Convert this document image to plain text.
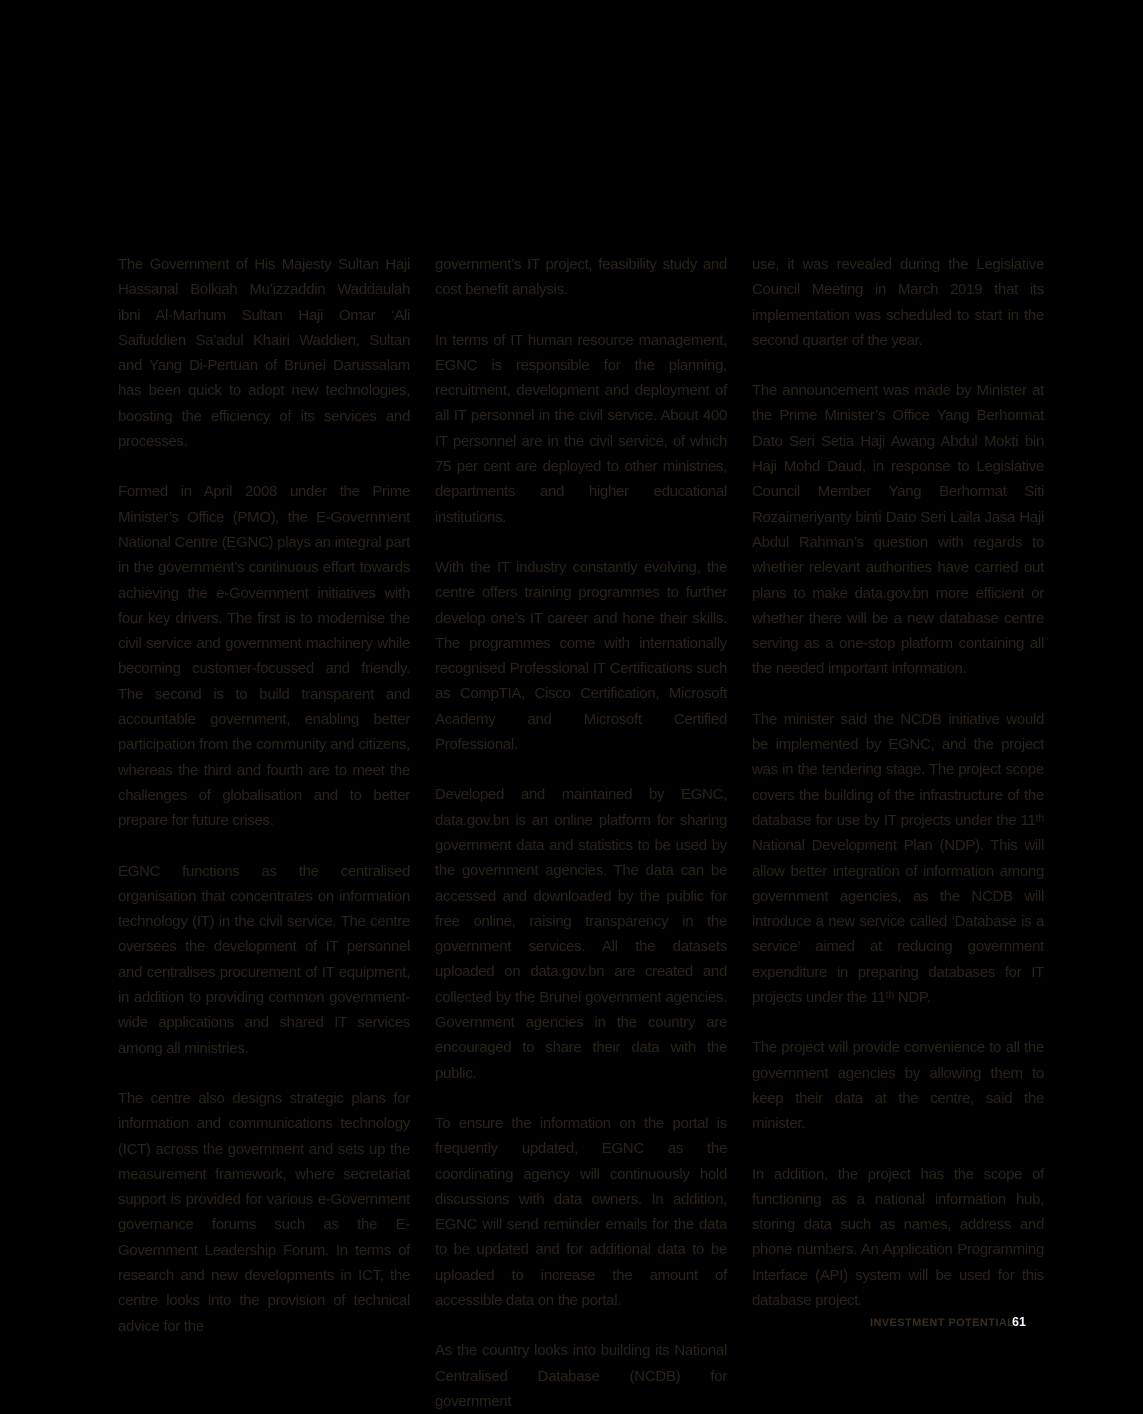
The Government of His Majesty Sultan Haji Hassanal Bolkiah Mu’izzaddin Waddaulah ibni Al-Marhum Sultan Haji Omar ‘Ali Saifuddien Sa’adul Khairi Waddien, Sultan and Yang Di-Pertuan of Brunei Darussalam has been quick to adopt new technologies, boosting the efficiency of its services and processes.

Formed in April 2008 under the Prime Minister’s Office (PMO), the E-Government National Centre (EGNC) plays an integral part in the government’s continuous effort towards achieving the e-Government initiatives with four key drivers. The first is to modernise the civil service and government machinery while becoming customer-focussed and friendly. The second is to build transparent and accountable government, enabling better participation from the community and citizens, whereas the third and fourth are to meet the challenges of globalisation and to better prepare for future crises.

EGNC functions as the centralised organisation that concentrates on information technology (IT) in the civil service. The centre oversees the development of IT personnel and centralises procurement of IT equipment, in addition to providing common government-wide applications and shared IT services among all ministries.

The centre also designs strategic plans for information and communications technology (ICT) across the government and sets up the measurement framework, where secretariat support is provided for various e-Government governance forums such as the E-Government Leadership Forum. In terms of research and new developments in ICT, the centre looks into the provision of technical advice for the

government’s IT project, feasibility study and cost benefit analysis.

In terms of IT human resource management, EGNC is responsible for the planning, recruitment, development and deployment of all IT personnel in the civil service. About 400 IT personnel are in the civil service, of which 75 per cent are deployed to other ministries, departments and higher educational institutions.

With the IT industry constantly evolving, the centre offers training programmes to further develop one’s IT career and hone their skills. The programmes come with internationally recognised Professional IT Certifications such as CompTIA, Cisco Certification, Microsoft Academy and Microsoft Certified Professional.

Developed and maintained by EGNC, data.gov.bn is an online platform for sharing government data and statistics to be used by the government agencies. The data can be accessed and downloaded by the public for free online, raising transparency in the government services. All the datasets uploaded on data.gov.bn are created and collected by the Brunei government agencies. Government agencies in the country are encouraged to share their data with the public.

To ensure the information on the portal is frequently updated, EGNC as the coordinating agency will continuously hold discussions with data owners. In addition, EGNC will send reminder emails for the data to be updated and for additional data to be uploaded to increase the amount of accessible data on the portal.

As the country looks into building its National Centralised Database (NCDB) for government

use, it was revealed during the Legislative Council Meeting in March 2019 that its implementation was scheduled to start in the second quarter of the year.

The announcement was made by Minister at the Prime Minister’s Office Yang Berhormat Dato Seri Setia Haji Awang Abdul Mokti bin Haji Mohd Daud, in response to Legislative Council Member Yang Berhormat Siti Rozaimeriyanty binti Dato Seri Laila Jasa Haji Abdul Rahman’s question with regards to whether relevant authorities have carried out plans to make data.gov.bn more efficient or whether there will be a new database centre serving as a one-stop platform containing all the needed important information.

The minister said the NCDB initiative would be implemented by EGNC, and the project was in the tendering stage. The project scope covers the building of the infrastructure of the database for use by IT projects under the 11ᵗʰ National Development Plan (NDP). This will allow better integration of information among government agencies, as the NCDB will introduce a new service called ‘Database is a service’ aimed at reducing government expenditure in preparing databases for IT projects under the 11ᵗʰ NDP.

The project will provide convenience to all the government agencies by allowing them to keep their data at the centre, said the minister.

In addition, the project has the scope of functioning as a national information hub, storing data such as names, address and phone numbers. An Application Programming Interface (API) system will be used for this database project.

INVESTMENT POTENTIAL
61
